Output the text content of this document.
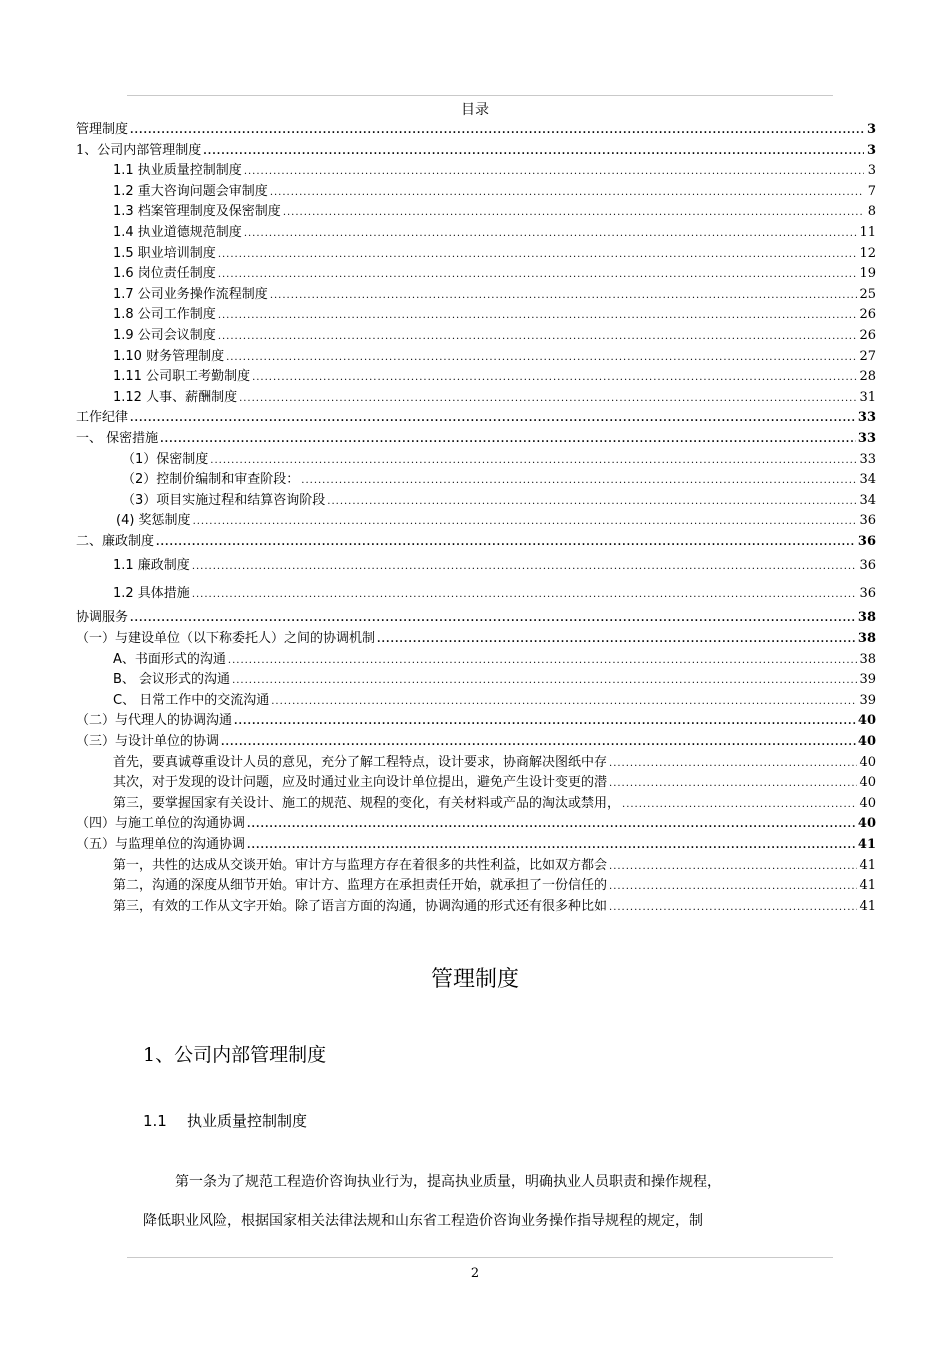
目录
管理制度 .....	3
1、公司内部管理制度 .....	3
1.1 执业质量控制制度 .....	3
1.2 重大咨询问题会审制度 .....	7
1.3 档案管理制度及保密制度 .....	8
1.4 执业道德规范制度 .....	11
1.5 职业培训制度 .....	12
1.6 岗位责任制度 .....	19
1.7 公司业务操作流程制度 .....	25
1.8 公司工作制度 .....	26
1.9 公司会议制度 .....	26
1.10 财务管理制度 .....	27
1.11 公司职工考勤制度 .....	28
1.12 人事、薪酬制度 .....	31
工作纪律 .....	33
一、 保密措施 .....	33
（1）保密制度 .....	33
（2）控制价编制和审查阶段： .....	34
（3）项目实施过程和结算咨询阶段 .....	34
(4) 奖惩制度 .....	36
二、廉政制度 .....	36
1.1 廉政制度 .....	36
1.2 具体措施 .....	36
协调服务 .....	38
（一）与建设单位（以下称委托人）之间的协调机制 .....	38
A、书面形式的沟通 .....	38
B、 会议形式的沟通 .....	39
C、 日常工作中的交流沟通 .....	39
（二）与代理人的协调沟通 .....	40
（三）与设计单位的协调 .....	40
首先，要真诚尊重设计人员的意见，充分了解工程特点，设计要求，协商解决图纸中存 .....	40
其次，对于发现的设计问题，应及时通过业主向设计单位提出，避免产生设计变更的潜 .....	40
第三，要掌握国家有关设计、施工的规范、规程的变化，有关材料或产品的淘汰或禁用， .....	40
（四）与施工单位的沟通协调 .....	40
（五）与监理单位的沟通协调 .....	41
第一，共性的达成从交谈开始。审计方与监理方存在着很多的共性利益，比如双方都会 .....	41
第二，沟通的深度从细节开始。审计方、监理方在承担责任开始，就承担了一份信任的 .....	41
第三，有效的工作从文字开始。除了语言方面的沟通，协调沟通的形式还有很多种比如 .....	41
管理制度
1、公司内部管理制度
1.1 执业质量控制制度
第一条为了规范工程造价咨询执业行为，提高执业质量，明确执业人员职责和操作规程，
降低职业风险，根据国家相关法律法规和山东省工程造价咨询业务操作指导规程的规定，制
2
